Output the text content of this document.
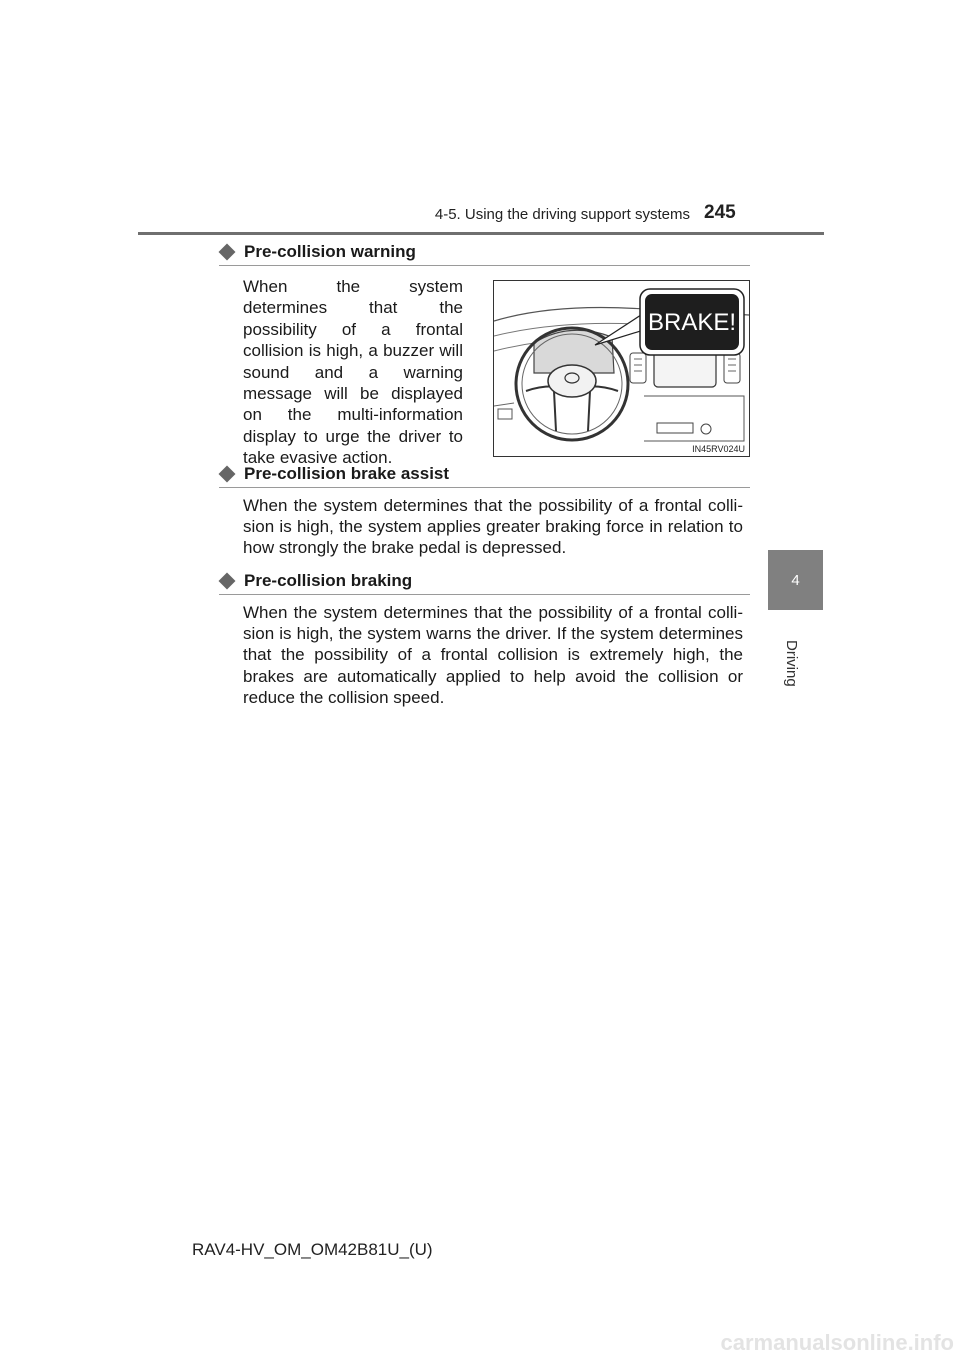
4-5. Using the driving support systems 245
4
Driving
Pre-collision warning
When the system determines that the possibility of a frontal collision is high, a buzzer will sound and a warning message will be displayed on the multi-information display to urge the driver to take evasive action.
BRAKE!
IN45RV024U
Pre-collision brake assist
When the system determines that the possibility of a frontal colli-sion is high, the system applies greater braking force in relation to how strongly the brake pedal is depressed.
Pre-collision braking
When the system determines that the possibility of a frontal colli-sion is high, the system warns the driver. If the system determines that the possibility of a frontal collision is extremely high, the brakes are automatically applied to help avoid the collision or reduce the collision speed.
RAV4-HV_OM_OM42B81U_(U)
carmanualsonline.info
